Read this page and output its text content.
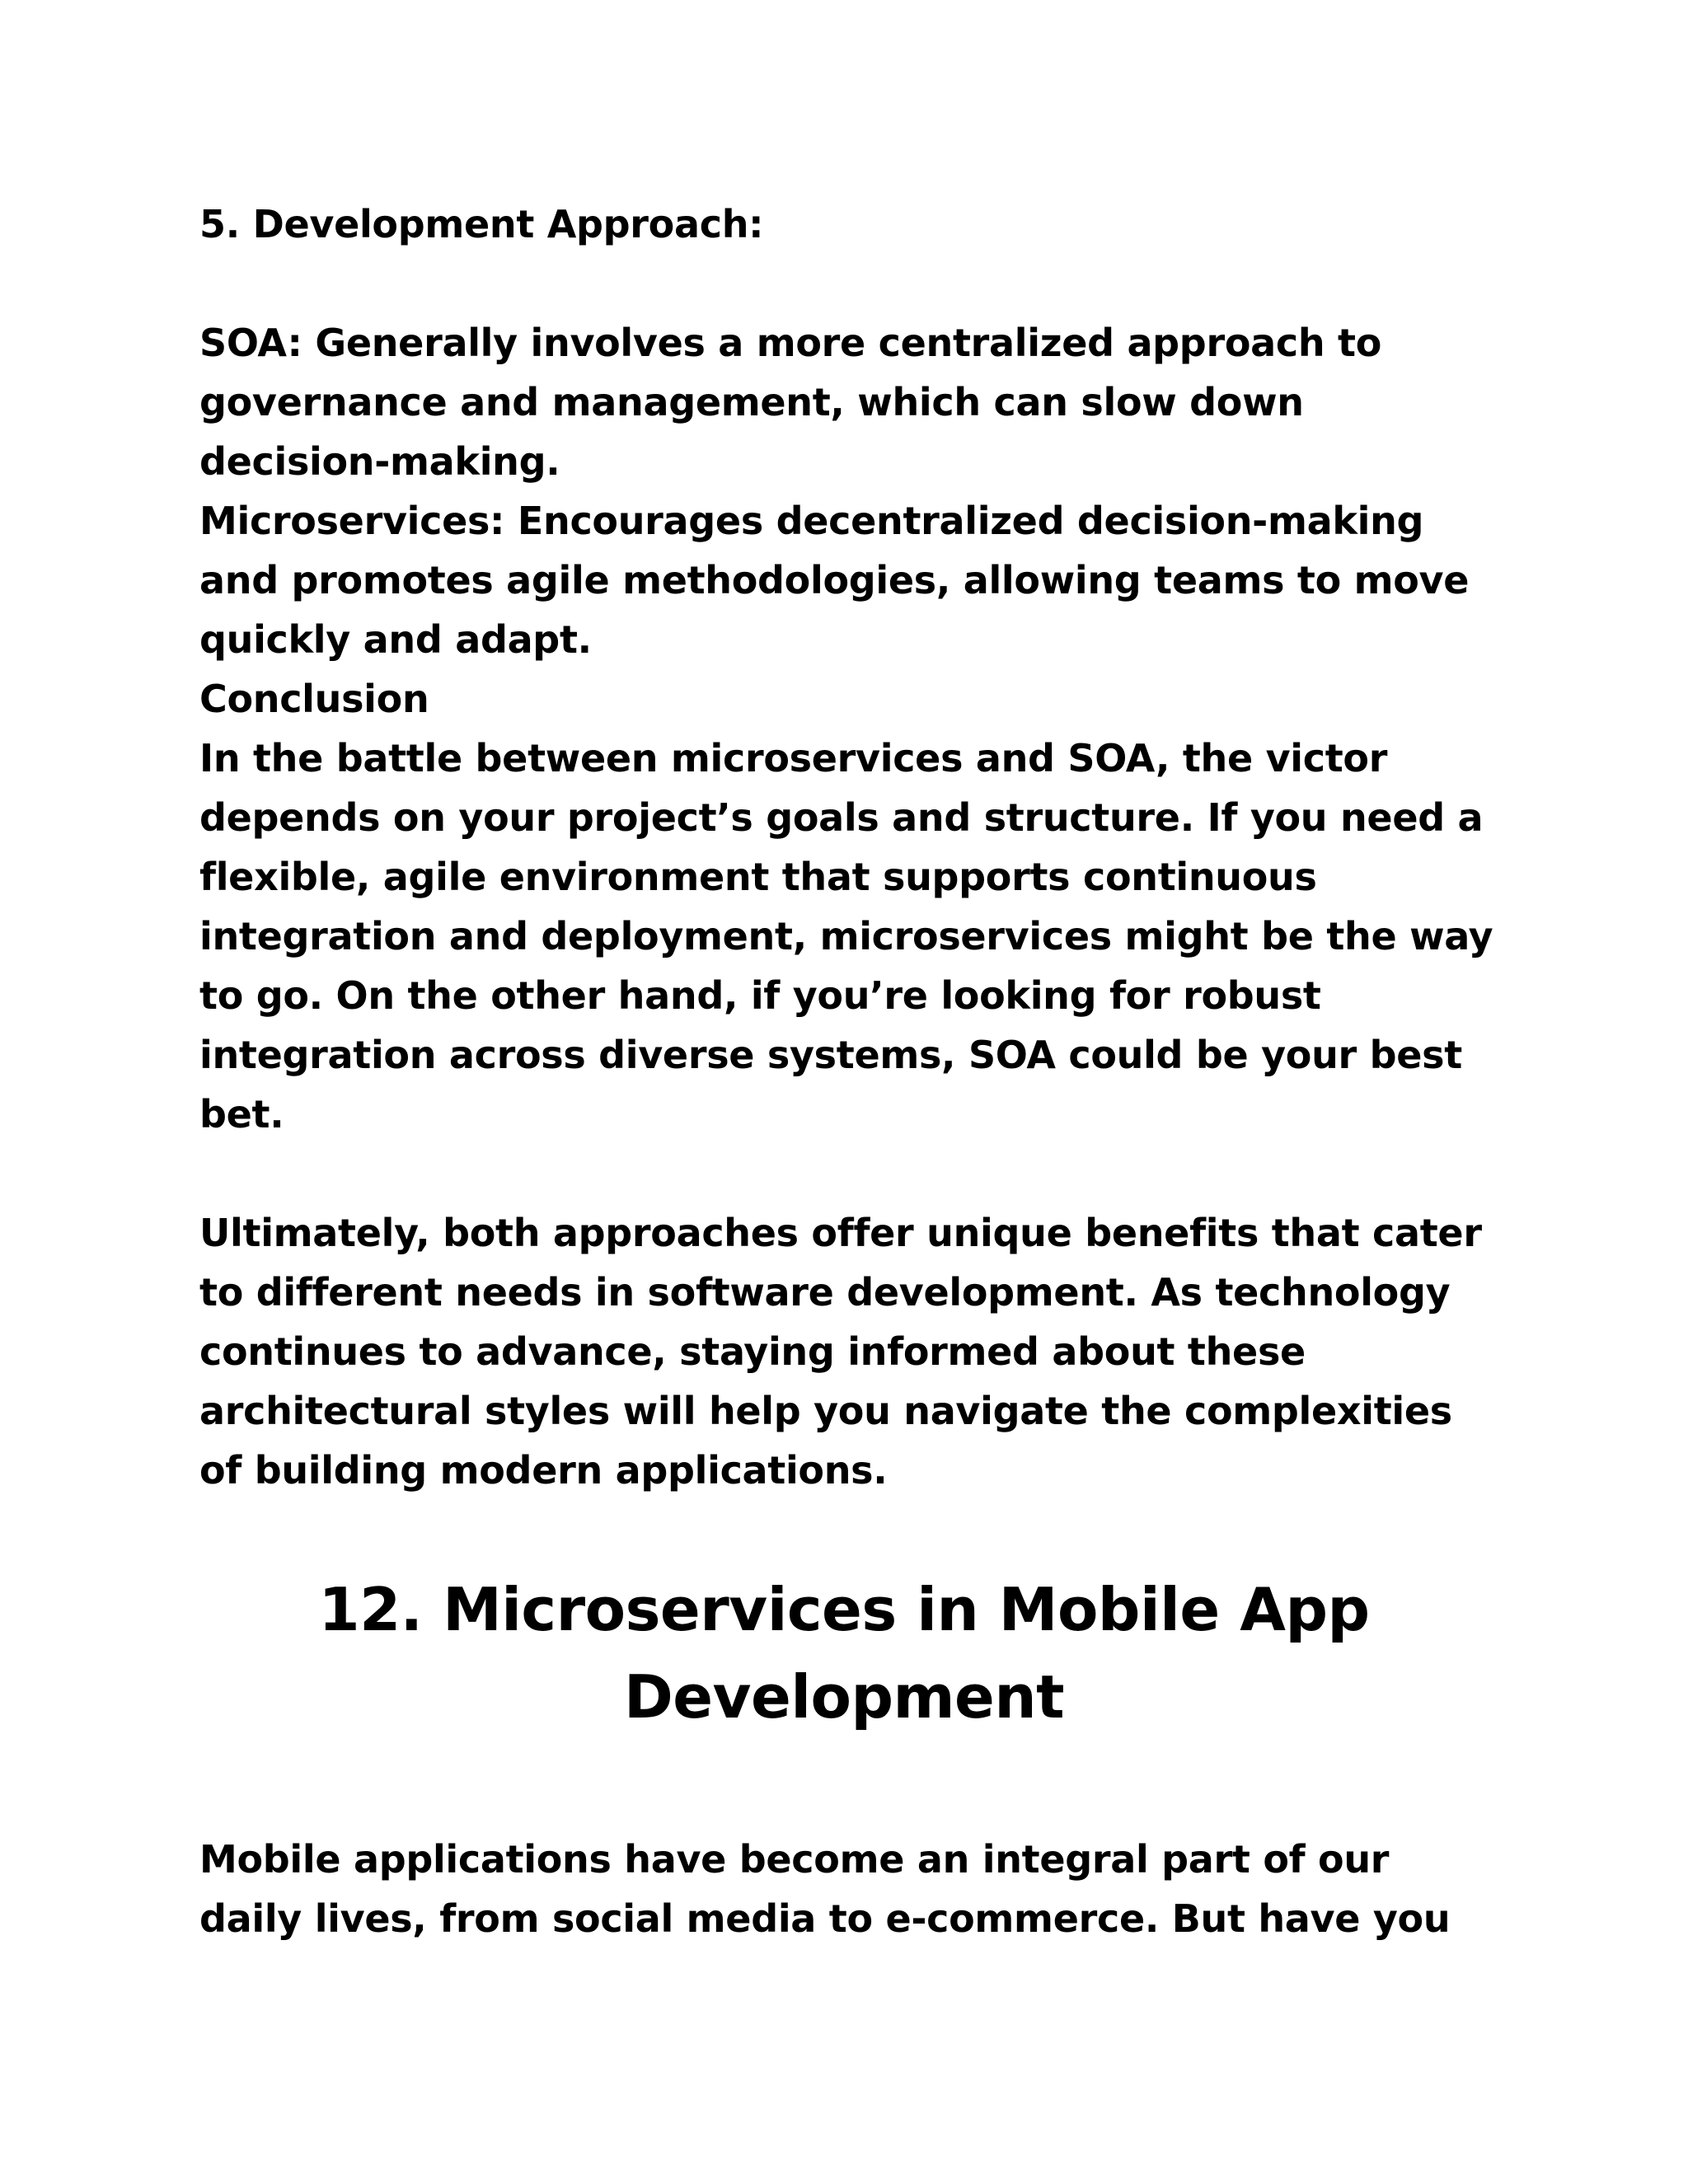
5. Development Approach:
SOA: Generally involves a more centralized approach to
governance and management, which can slow down
decision-making.
Microservices: Encourages decentralized decision-making
and promotes agile methodologies, allowing teams to move
quickly and adapt.
Conclusion
In the battle between microservices and SOA, the victor
depends on your project’s goals and structure. If you need a
flexible, agile environment that supports continuous
integration and deployment, microservices might be the way
to go. On the other hand, if you’re looking for robust
integration across diverse systems, SOA could be your best
bet.
Ultimately, both approaches offer unique benefits that cater
to different needs in software development. As technology
continues to advance, staying informed about these
architectural styles will help you navigate the complexities
of building modern applications.
12. Microservices in Mobile App
Development
Mobile applications have become an integral part of our
daily lives, from social media to e-commerce. But have you
